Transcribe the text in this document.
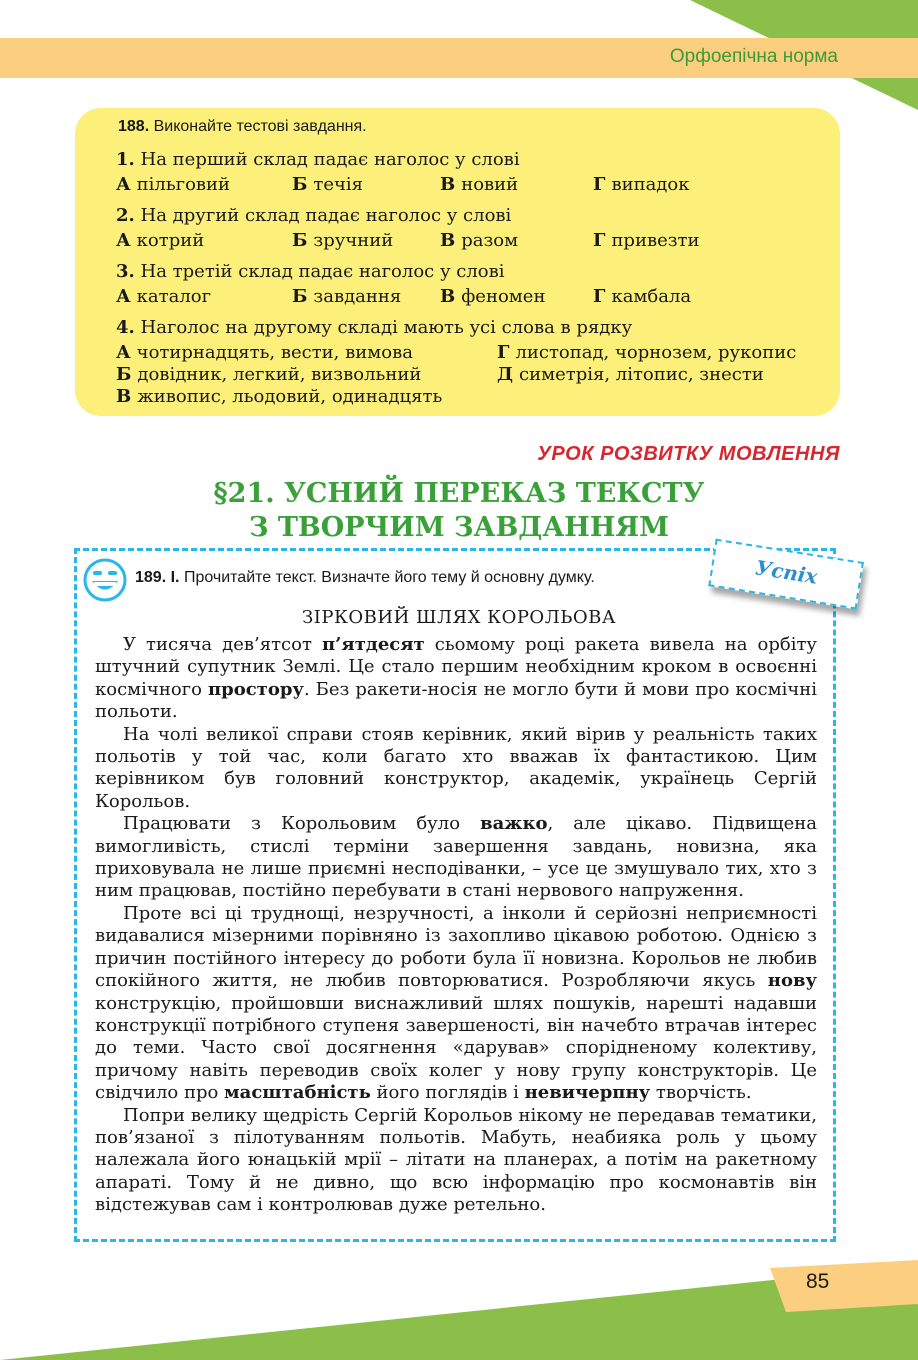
Орфоепічна норма
188. Виконайте тестові завдання.
1. На перший склад падає наголос у слові
А пільговий	Б течія	В новий	Г випадок
2. На другий склад падає наголос у слові
А котрий	Б зручний	В разом	Г привезти
3. На третій склад падає наголос у слові
А каталог	Б завдання В феномен	Г камбала
4. Наголос на другому складі мають усі слова в рядку
А чотирнадцять, вести, вимова
Б довідник, легкий, визвольний
В живопис, льодовий, одинадцять
Г листопад, чорнозем, рукопис
Д симетрія, літопис, знести
УРОК РОЗВИТКУ МОВЛЕННЯ
§21. УСНИЙ ПЕРЕКАЗ ТЕКСТУ
З ТВОРЧИМ ЗАВДАННЯМ
189. І. Прочитайте текст. Визначте його тему й основну думку.	Успіх
ЗІРКОВИЙ ШЛЯХ КОРОЛЬОВА

У тисяча дев’ятсот п’ятдесят сьомому році ракета вивела на орбіту штучний супутник Землі. Це стало першим необхідним кроком в освоєнні космічного простору. Без ракети-носія не могло бути й мови про космічні польоти.

На чолі великої справи стояв керівник, який вірив у реальність таких польотів у той час, коли багато хто вважав їх фантастикою. Цим керівником був головний конструктор, академік, українець Сергій Корольов.

Працювати з Корольовим було важко, але цікаво. Підвищена вимогливість, стислі терміни завершення завдань, новизна, яка приховувала не лише приємні несподіванки, – усе це змушувало тих, хто з ним працював, постійно перебувати в стані нервового напруження.

Проте всі ці труднощі, незручності, а інколи й серйозні неприємності видавалися мізерними порівняно із захопливо цікавою роботою. Однією з причин постійного інтересу до роботи була її новизна. Корольов не любив спокійного життя, не любив повторюватися. Розробляючи якусь нову конструкцію, пройшовши виснажливий шлях пошуків, нарешті надавши конструкції потрібного ступеня завершеності, він начебто втрачав інтерес до теми. Часто свої досягнення «дарував» спорідненому колективу, причому навіть переводив своїх колег у нову групу конструкторів. Це свідчило про масштабність його поглядів і невичерпну творчість.

Попри велику щедрість Сергій Корольов нікому не передавав тематики, пов’язаної з пілотуванням польотів. Мабуть, неабияка роль у цьому належала його юнацькій мрії – літати на планерах, а потім на ракетному апараті. Тому й не дивно, що всю інформацію про космонавтів він відстежував сам і контролював дуже ретельно.

85
